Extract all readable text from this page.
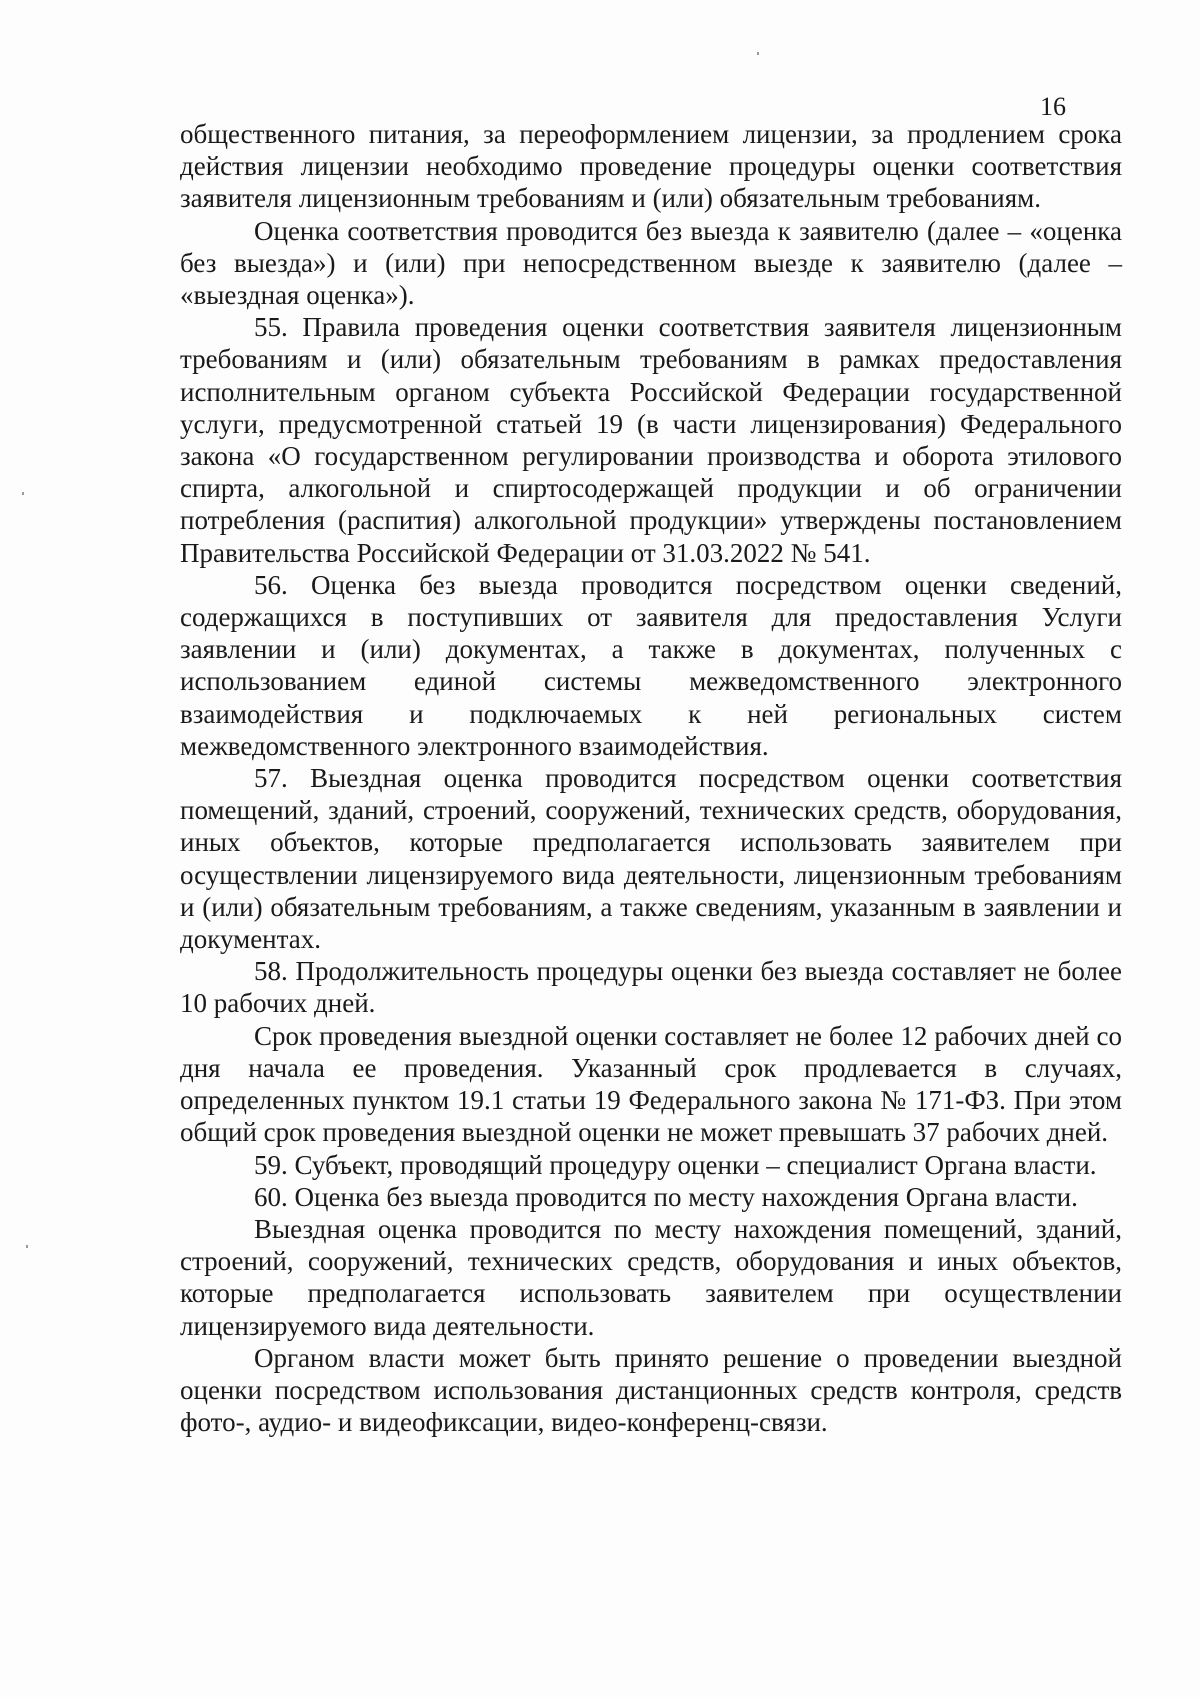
16

общественного питания, за переоформлением лицензии, за продлением срока действия лицензии необходимо проведение процедуры оценки соответствия заявителя лицензионным требованиям и (или) обязательным требованиям.

Оценка соответствия проводится без выезда к заявителю (далее – «оценка без выезда») и (или) при непосредственном выезде к заявителю (далее – «выездная оценка»).

55. Правила проведения оценки соответствия заявителя лицензионным требованиям и (или) обязательным требованиям в рамках предоставления исполнительным органом субъекта Российской Федерации государственной услуги, предусмотренной статьей 19 (в части лицензирования) Федерального закона «О государственном регулировании производства и оборота этилового спирта, алкогольной и спиртосодержащей продукции и об ограничении потребления (распития) алкогольной продукции» утверждены постановлением Правительства Российской Федерации от 31.03.2022 № 541.

56. Оценка без выезда проводится посредством оценки сведений, содержащихся в поступивших от заявителя для предоставления Услуги заявлении и (или) документах, а также в документах, полученных с использованием единой системы межведомственного электронного взаимодействия и подключаемых к ней региональных систем межведомственного электронного взаимодействия.

57. Выездная оценка проводится посредством оценки соответствия помещений, зданий, строений, сооружений, технических средств, оборудования, иных объектов, которые предполагается использовать заявителем при осуществлении лицензируемого вида деятельности, лицензионным требованиям и (или) обязательным требованиям, а также сведениям, указанным в заявлении и документах.

58. Продолжительность процедуры оценки без выезда составляет не более 10 рабочих дней.

Срок проведения выездной оценки составляет не более 12 рабочих дней со дня начала ее проведения. Указанный срок продлевается в случаях, определенных пунктом 19.1 статьи 19 Федерального закона № 171-ФЗ. При этом общий срок проведения выездной оценки не может превышать 37 рабочих дней.

59. Субъект, проводящий процедуру оценки – специалист Органа власти.

60. Оценка без выезда проводится по месту нахождения Органа власти.

Выездная оценка проводится по месту нахождения помещений, зданий, строений, сооружений, технических средств, оборудования и иных объектов, которые предполагается использовать заявителем при осуществлении лицензируемого вида деятельности.

Органом власти может быть принято решение о проведении выездной оценки посредством использования дистанционных средств контроля, средств фото-, аудио- и видеофиксации, видео-конференц-связи.
